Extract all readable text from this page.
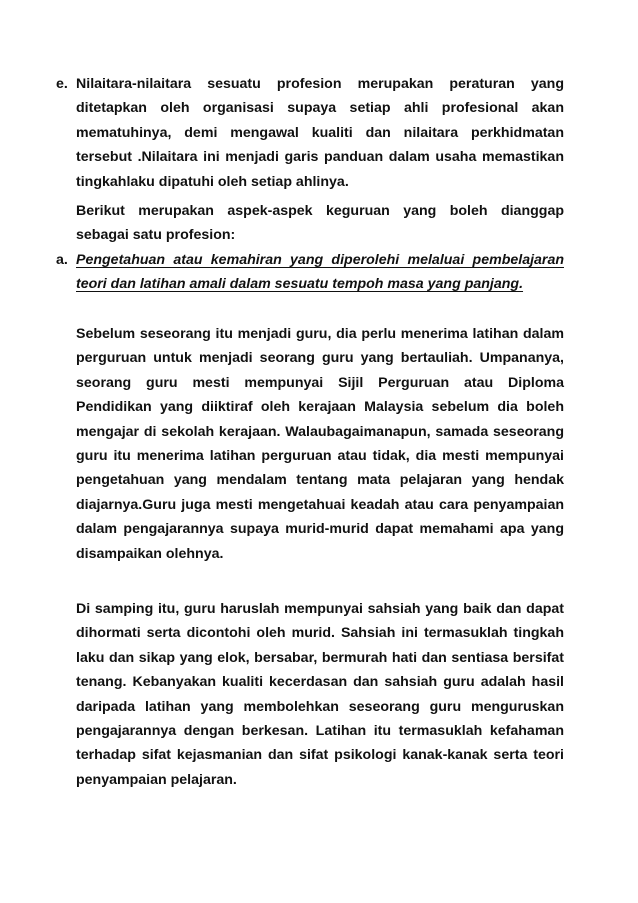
e. Nilaitara-nilaitara sesuatu profesion merupakan peraturan yang ditetapkan oleh organisasi supaya setiap ahli profesional akan mematuhinya, demi mengawal kualiti dan nilaitara perkhidmatan tersebut .Nilaitara ini menjadi garis panduan dalam usaha memastikan tingkahlaku dipatuhi oleh setiap ahlinya.
Berikut merupakan aspek-aspek keguruan yang boleh dianggap sebagai satu profesion:
a. Pengetahuan atau kemahiran yang diperolehi melaluai pembelajaran teori dan latihan amali dalam sesuatu tempoh masa yang panjang.
Sebelum seseorang itu menjadi guru, dia perlu menerima latihan dalam perguruan untuk menjadi seorang guru yang bertauliah. Umpananya, seorang guru mesti mempunyai Sijil Perguruan atau Diploma Pendidikan yang diiktiraf oleh kerajaan Malaysia sebelum dia boleh mengajar di sekolah kerajaan. Walaubagaimanapun, samada seseorang guru itu menerima latihan perguruan atau tidak, dia mesti mempunyai pengetahuan yang mendalam tentang mata pelajaran yang hendak diajarnya.Guru juga mesti mengetahuai keadah atau cara penyampaian dalam pengajarannya supaya murid-murid dapat memahami apa yang disampaikan olehnya.
Di samping itu, guru haruslah mempunyai sahsiah yang baik dan dapat dihormati serta dicontohi oleh murid. Sahsiah ini termasuklah tingkah laku dan sikap yang elok, bersabar, bermurah hati dan sentiasa bersifat tenang. Kebanyakan kualiti kecerdasan dan sahsiah guru adalah hasil daripada latihan yang membolehkan seseorang guru menguruskan pengajarannya dengan berkesan. Latihan itu termasuklah kefahaman terhadap sifat kejasmanian dan sifat psikologi kanak-kanak serta teori penyampaian pelajaran.
